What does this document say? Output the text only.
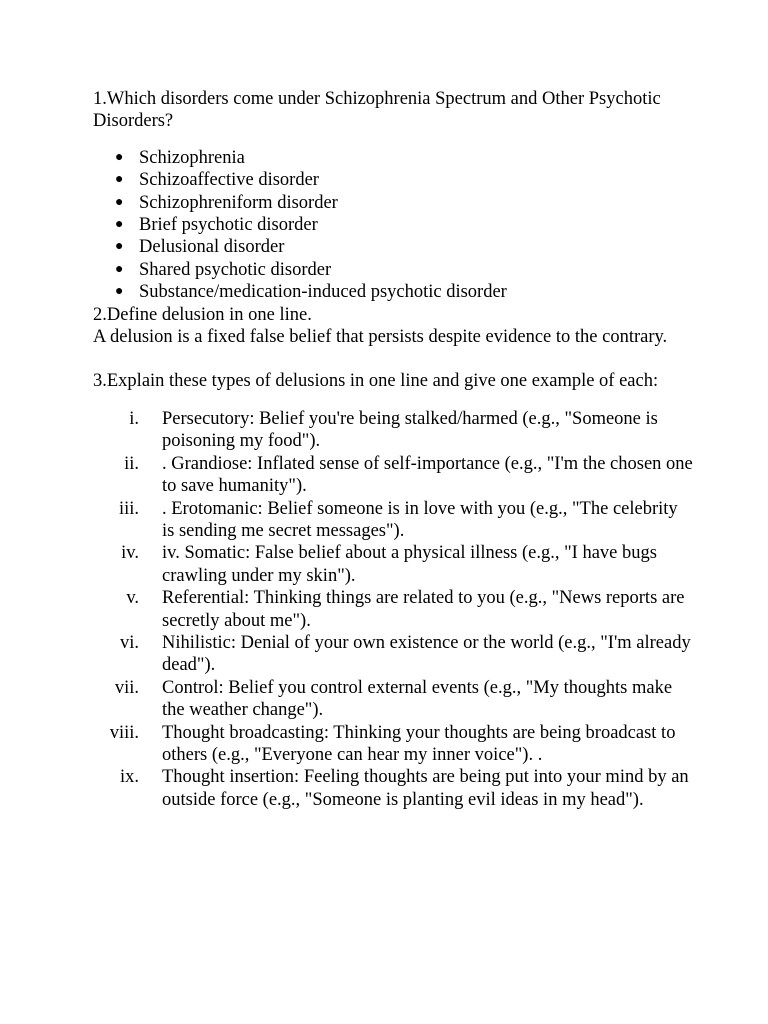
1.Which disorders come under Schizophrenia Spectrum and Other Psychotic Disorders?

● Schizophrenia
● Schizoaffective disorder
● Schizophreniform disorder
● Brief psychotic disorder
● Delusional disorder
● Shared psychotic disorder
● Substance/medication-induced psychotic disorder

2.Define delusion in one line.

A delusion is a fixed false belief that persists despite evidence to the contrary.

3.Explain these types of delusions in one line and give one example of each:

i. Persecutory: Belief you're being stalked/harmed (e.g., "Someone is poisoning my food").
ii. . Grandiose: Inflated sense of self-importance (e.g., "I'm the chosen one to save humanity").
iii. . Erotomanic: Belief someone is in love with you (e.g., "The celebrity is sending me secret messages").
iv. iv. Somatic: False belief about a physical illness (e.g., "I have bugs crawling under my skin").
v. Referential: Thinking things are related to you (e.g., "News reports are secretly about me").
vi. Nihilistic: Denial of your own existence or the world (e.g., "I'm already dead").
vii. Control: Belief you control external events (e.g., "My thoughts make the weather change").
viii. Thought broadcasting: Thinking your thoughts are being broadcast to others (e.g., "Everyone can hear my inner voice"). .
ix. Thought insertion: Feeling thoughts are being put into your mind by an outside force (e.g., "Someone is planting evil ideas in my head").
